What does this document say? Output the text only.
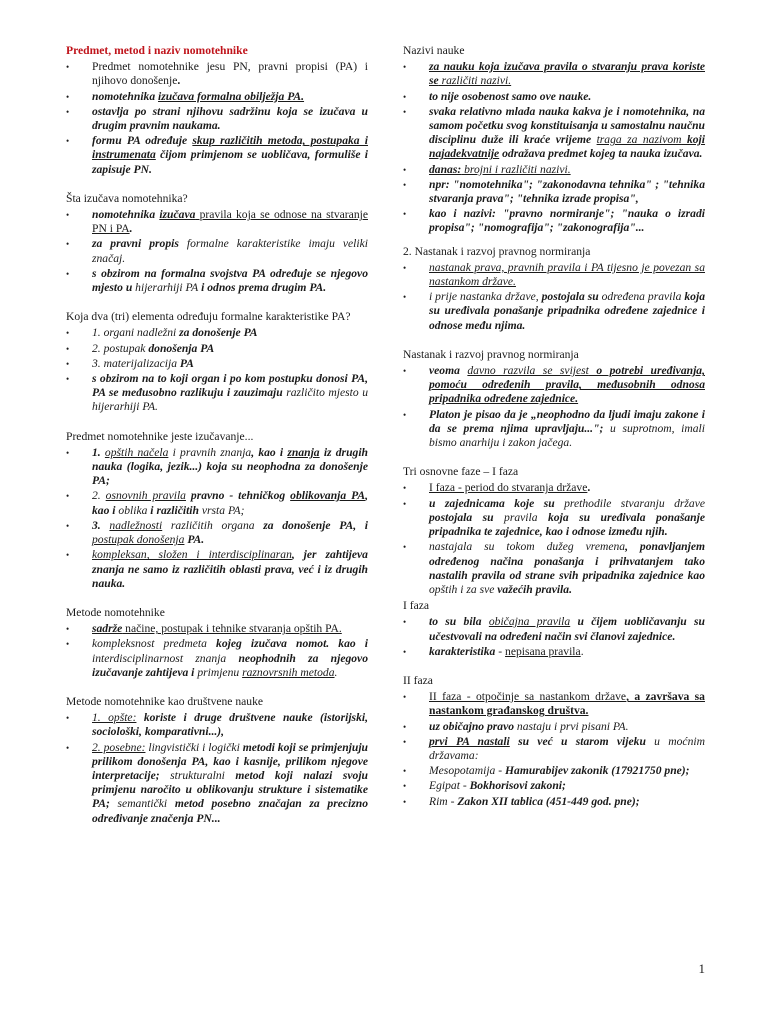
Predmet, metod i naziv nomotehnike
• Predmet nomotehnike jesu PN, pravni propisi (PA) i njihovo donošenje.
• nomotehnika izučava formalna obilježja PA.
• ostavlja po strani njihovu sadržinu koja se izučava u drugim pravnim naukama.
• formu PA određuje skup različitih metoda, postupaka i instrumenata čijom primjenom se uobličava, formuliše i zapisuje PN.
Šta izučava nomotehnika?
• nomotehnika izučava pravila koja se odnose na stvaranje PN i PA.
• za pravni propis formalne karakteristike imaju veliki značaj.
• s obzirom na formalna svojstva PA određuje se njegovo mjesto u hijerarhiji PA i odnos prema drugim PA.
Koja dva (tri) elementa određuju formalne karakteristike PA?
• 1. organi nadležni za donošenje PA
• 2. postupak donošenja PA
• 3. materijalizacija PA
• s obzirom na to koji organ i po kom postupku donosi PA, PA se međusobno razlikuju i zauzimaju različito mjesto u hijerarhiji PA.
Predmet nomotehnike jeste izučavanje...
• 1. opštih načela i pravnih znanja, kao i znanja iz drugih nauka (logika, jezik...) koja su neophodna za donošenje PA;
• 2. osnovnih pravila pravno - tehničkog oblikovanja PA, kao i oblika i različitih vrsta PA;
• 3. nadležnosti različitih organa za donošenje PA, i postupak donošenja PA.
• kompleksan, složen i interdisciplinaran, jer zahtijeva znanja ne samo iz različitih oblasti prava, već i iz drugih nauka.
Metode nomotehnike
• sadrže načine, postupak i tehnike stvaranja opštih PA.
• kompleksnost predmeta kojeg izučava nomot. kao i interdisciplinarnost znanja neophodnih za njegovo izučavanje zahtijeva i primjenu raznovrsnih metoda.
Metode nomotehnike kao društvene nauke
• 1. opšte: koriste i druge društvene nauke (istorijski, sociološki, komparativni...),
• 2. posebne: lingvistički i logički metodi koji se primjenjuju prilikom donošenja PA, kao i kasnije, prilikom njegove interpretacije; strukturalni metod koji nalazi svoju primjenu naročito u oblikovanju strukture i sistematike PA; semantički metod posebno značajan za precizno određivanje značenja PN...
Nazivi nauke
• za nauku koja izučava pravila o stvaranju prava koriste se različiti nazivi.
• to nije osobenost samo ove nauke.
• svaka relativno mlada nauka kakva je i nomotehnika, na samom početku svog konstituisanja u samostalnu naučnu disciplinu duže ili kraće vrijeme traga za nazivom koji najadekvatnije odražava predmet kojeg ta nauka izučava.
• danas: brojni i različiti nazivi.
• npr: "nomotehnika"; "zakonodavna tehnika" ; "tehnika stvaranja prava"; "tehnika izrade propisa",
• kao i nazivi: "pravno normiranje"; "nauka o izradi propisa"; "nomografija"; "zakonografija"...
2. Nastanak i razvoj pravnog normiranja
• nastanak prava, pravnih pravila i PA tijesno je povezan sa nastankom države.
• i prije nastanka države, postojala su određena pravila koja su uređivala ponašanje pripadnika određene zajednice i odnose među njima.
Nastanak i razvoj pravnog normiranja
• veoma davno razvila se svijest o potrebi uređivanja, pomoću određenih pravila, međusobnih odnosa pripadnika određene zajednice.
• Platon je pisao da je „neophodno da ljudi imaju zakone i da se prema njima upravljaju..."; u suprotnom, imali bismo anarhiju i zakon jačega.
Tri osnovne faze – I faza
• I faza - period do stvaranja države.
• u zajednicama koje su prethodile stvaranju države postojala su pravila koja su uređivala ponašanje pripadnika te zajednice, kao i odnose između njih.
• nastajala su tokom dužeg vremena, ponavljanjem određenog načina ponašanja i prihvatanjem tako nastalih pravila od strane svih pripadnika zajednice kao opštih i za sve važećih pravila.
I faza
• to su bila običajna pravila u čijem uobličavanju su učestvovali na određeni način svi članovi zajednice.
• karakteristika - nepisana pravila.
II faza
• II faza - otpočinje sa nastankom države, a završava sa nastankom građanskog društva.
• uz običajno pravo nastaju i prvi pisani PA.
• prvi PA nastali su već u starom vijeku u moćnim državama:
• Mesopotamija - Hamurabijev zakonik (17921750 pne);
• Egipat - Bokhorisovi zakoni;
• Rim - Zakon XII tablica (451-449 god. pne);
1
